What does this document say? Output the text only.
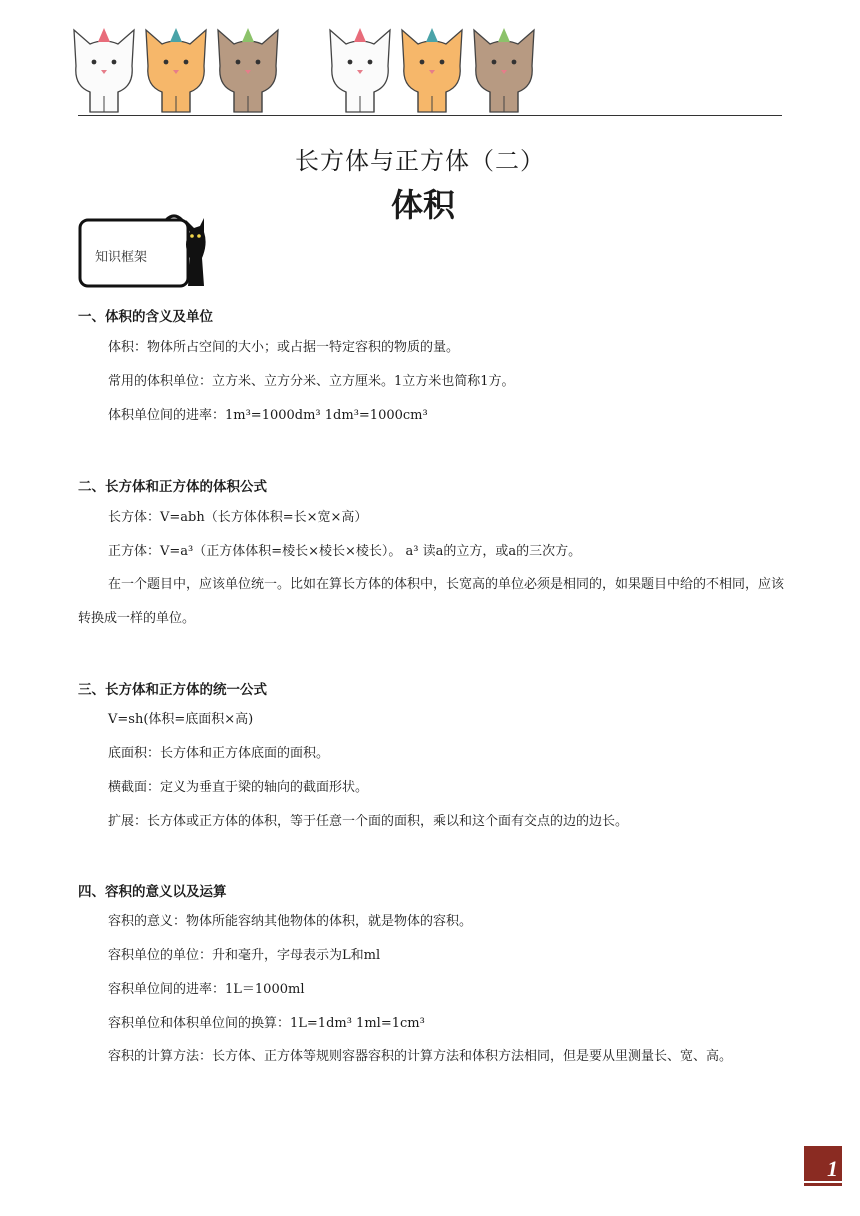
长方体与正方体（二）
体积
知识框架
一、体积的含义及单位
体积：物体所占空间的大小；或占据一特定容积的物质的量。
常用的体积单位：立方米、立方分米、立方厘米。1立方米也简称1方。
体积单位间的进率：1m³=1000dm³ 1dm³=1000cm³
二、长方体和正方体的体积公式
长方体：V=abh（长方体体积=长×宽×高）
正方体：V=a³（正方体体积=棱长×棱长×棱长）。 a³ 读a的立方，或a的三次方。
在一个题目中，应该单位统一。比如在算长方体的体积中，长宽高的单位必须是相同的，如果题目中给的不相同，应该转换成一样的单位。
三、长方体和正方体的统一公式
V=sh(体积=底面积×高)
底面积：长方体和正方体底面的面积。
横截面：定义为垂直于梁的轴向的截面形状。
扩展：长方体或正方体的体积，等于任意一个面的面积，乘以和这个面有交点的边的边长。
四、容积的意义以及运算
容积的意义：物体所能容纳其他物体的体积，就是物体的容积。
容积单位的单位：升和毫升，字母表示为L和ml
容积单位间的进率：1L＝1000ml
容积单位和体积单位间的换算：1L=1dm³ 1ml=1cm³
容积的计算方法：长方体、正方体等规则容器容积的计算方法和体积方法相同，但是要从里测量长、宽、高。
1
